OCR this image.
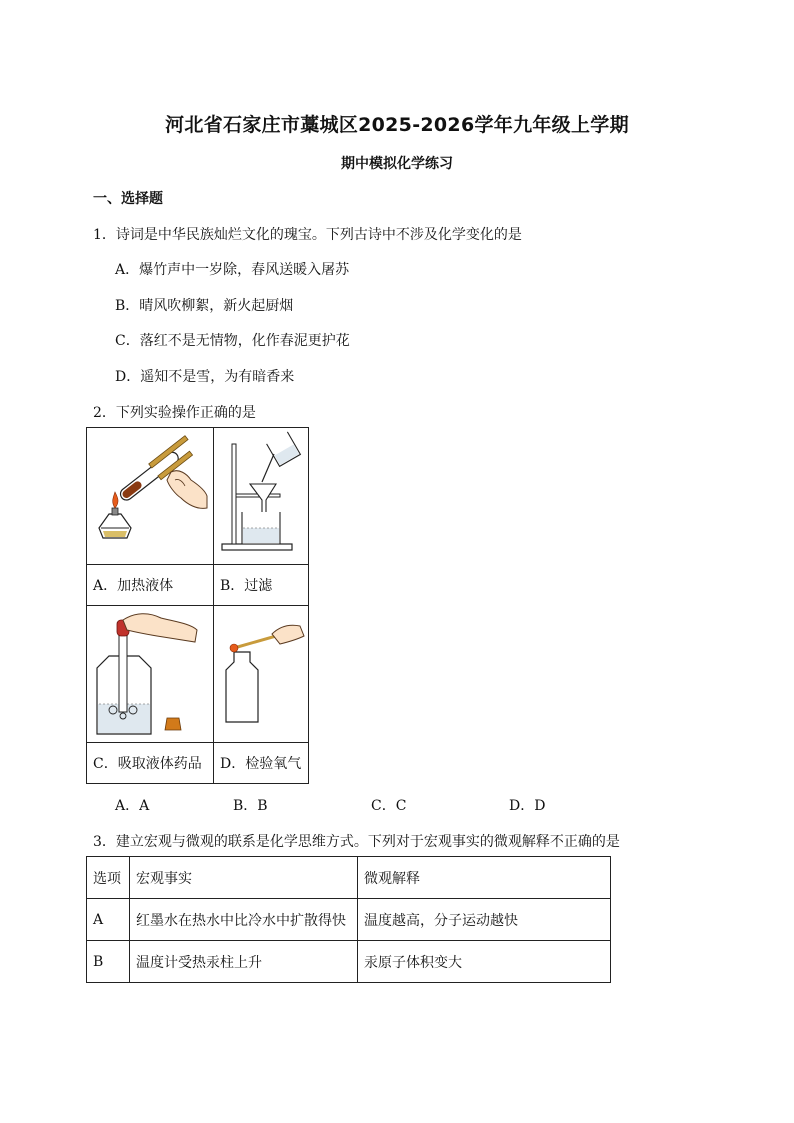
河北省石家庄市藁城区2025-2026学年九年级上学期
期中模拟化学练习
一、选择题
1．诗词是中华民族灿烂文化的瑰宝。下列古诗中不涉及化学变化的是
A．爆竹声中一岁除，春风送暖入屠苏
B．晴风吹柳絮，新火起厨烟
C．落红不是无情物，化作春泥更护花
D．遥知不是雪，为有暗香来
2．下列实验操作正确的是

A．加热液体	B．过滤

C．吸取液体药品	D．检验氧气
A．A	B．B	C．C	D．D
3．建立宏观与微观的联系是化学思维方式。下列对于宏观事实的微观解释不正确的是
选项	宏观事实	微观解释
A	红墨水在热水中比冷水中扩散得快	温度越高，分子运动越快
B	温度计受热汞柱上升	汞原子体积变大
